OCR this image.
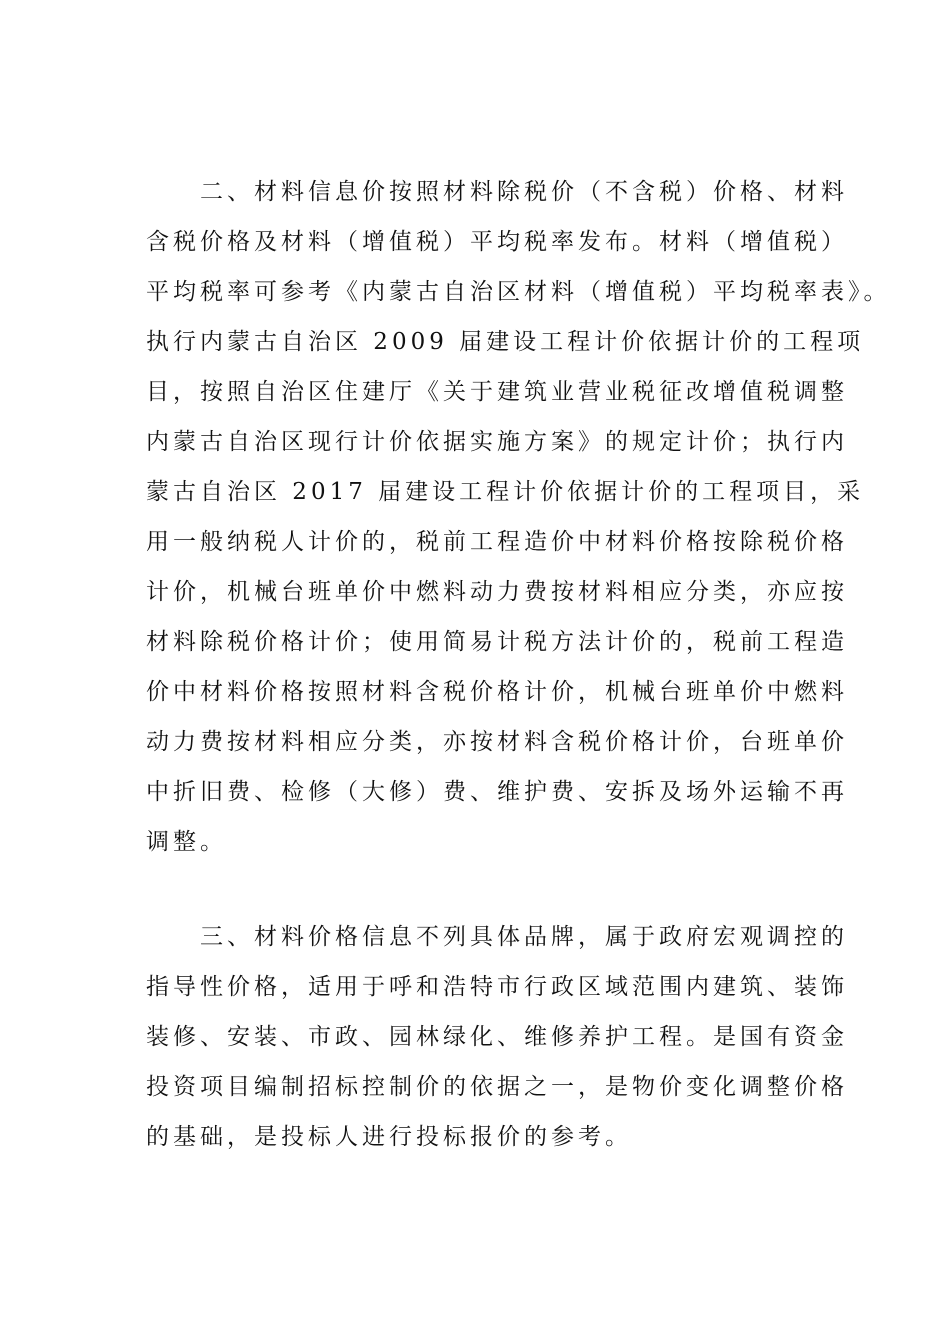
　　二、材料信息价按照材料除税价（不含税）价格、材料
含税价格及材料（增值税）平均税率发布。材料（增值税）
平均税率可参考《内蒙古自治区材料（增值税）平均税率表》。
执行内蒙古自治区 2009 届建设工程计价依据计价的工程项
目，按照自治区住建厅《关于建筑业营业税征改增值税调整
内蒙古自治区现行计价依据实施方案》的规定计价；执行内
蒙古自治区 2017 届建设工程计价依据计价的工程项目，采
用一般纳税人计价的，税前工程造价中材料价格按除税价格
计价，机械台班单价中燃料动力费按材料相应分类，亦应按
材料除税价格计价；使用简易计税方法计价的，税前工程造
价中材料价格按照材料含税价格计价，机械台班单价中燃料
动力费按材料相应分类，亦按材料含税价格计价，台班单价
中折旧费、检修（大修）费、维护费、安拆及场外运输不再
调整。

　　三、材料价格信息不列具体品牌，属于政府宏观调控的
指导性价格，适用于呼和浩特市行政区域范围内建筑、装饰
装修、安装、市政、园林绿化、维修养护工程。是国有资金
投资项目编制招标控制价的依据之一，是物价变化调整价格
的基础，是投标人进行投标报价的参考。
